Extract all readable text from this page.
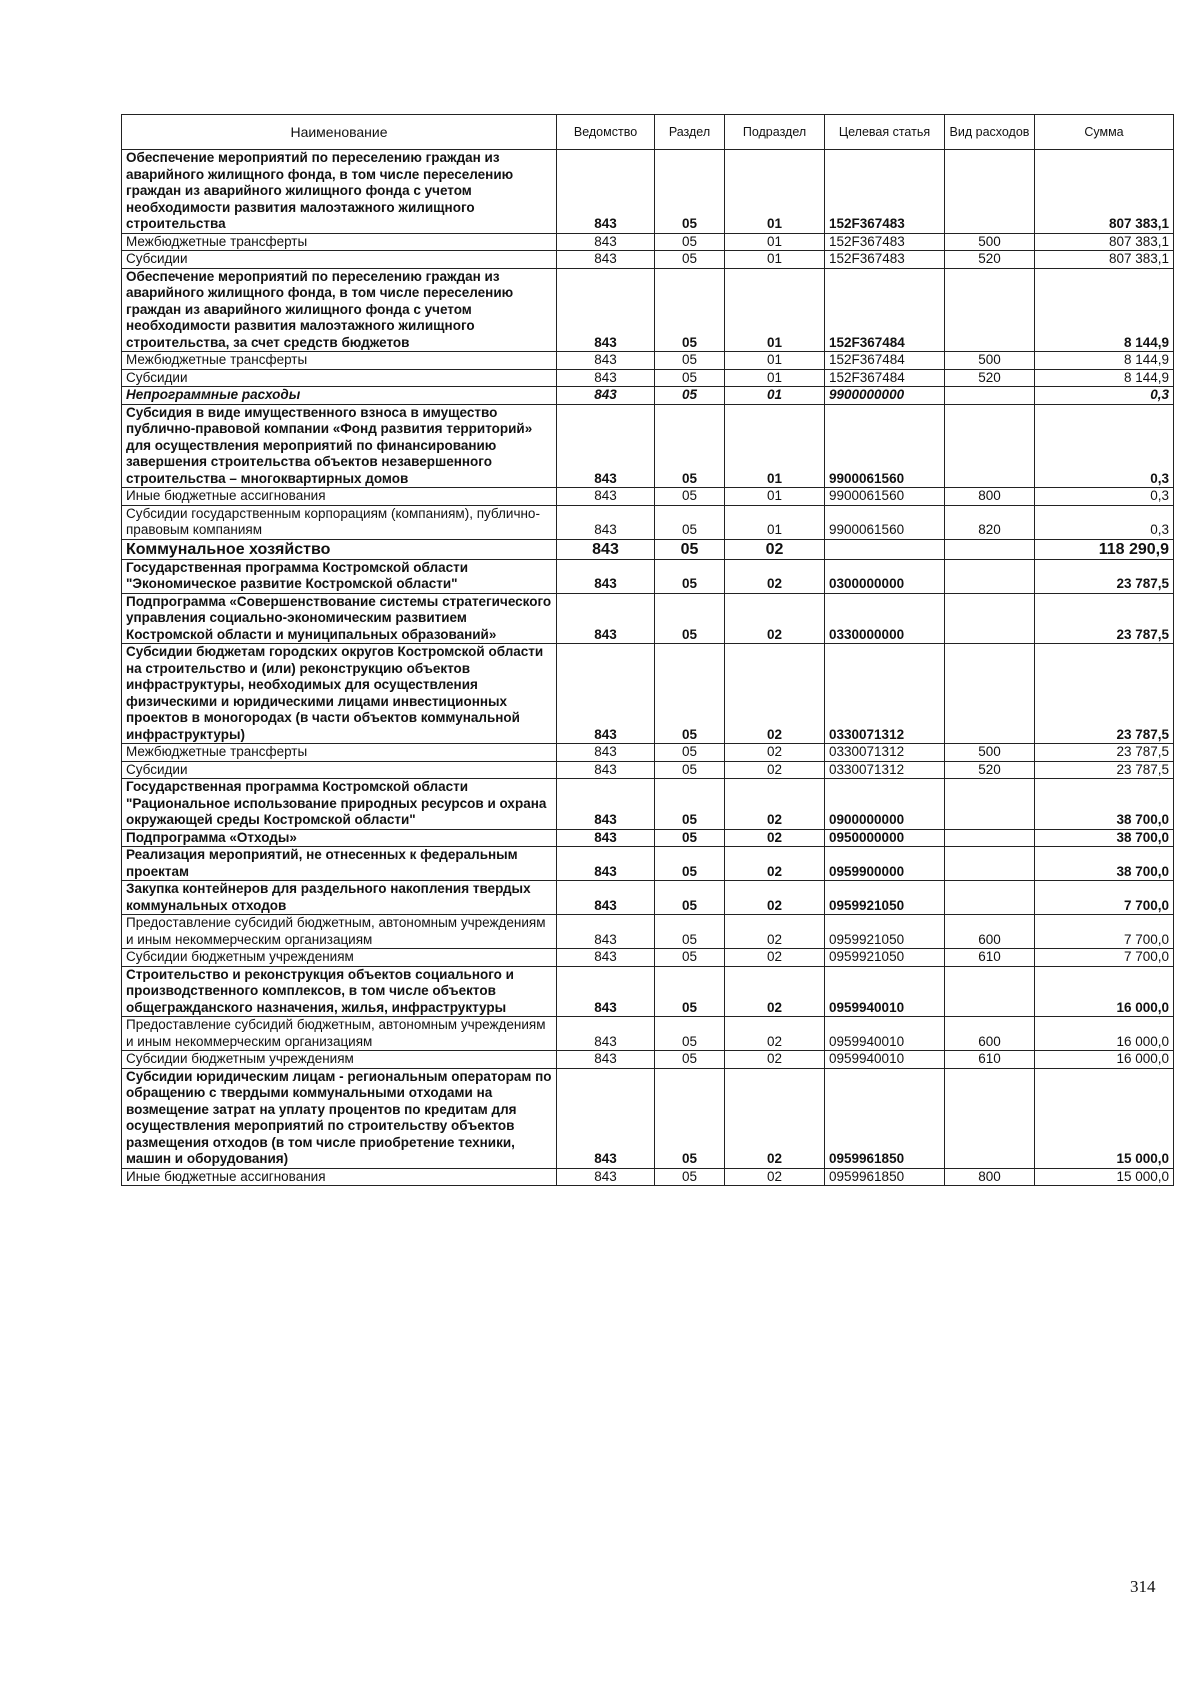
Наименование	Ведомство	Раздел	Подраздел	Целевая статья	Вид расходов	Сумма
Обеспечение мероприятий по переселению граждан из аварийного жилищного фонда, в том числе переселению граждан из аварийного жилищного фонда с учетом необходимости развития малоэтажного жилищного строительства	843	05	01	152F367483		807 383,1
Межбюджетные трансферты	843	05	01	152F367483	500	807 383,1
Субсидии	843	05	01	152F367483	520	807 383,1
Обеспечение мероприятий по переселению граждан из аварийного жилищного фонда, в том числе переселению граждан из аварийного жилищного фонда с учетом необходимости развития малоэтажного жилищного строительства, за счет средств бюджетов	843	05	01	152F367484		8 144,9
Межбюджетные трансферты	843	05	01	152F367484	500	8 144,9
Субсидии	843	05	01	152F367484	520	8 144,9
Непрограммные расходы	843	05	01	9900000000		0,3
Субсидия в виде имущественного взноса в имущество публично-правовой компании «Фонд развития территорий» для осуществления мероприятий по финансированию завершения строительства объектов незавершенного строительства – многоквартирных домов	843	05	01	9900061560		0,3
Иные бюджетные ассигнования	843	05	01	9900061560	800	0,3
Субсидии государственным корпорациям (компаниям), публично-правовым компаниям	843	05	01	9900061560	820	0,3
Коммунальное хозяйство	843	05	02			118 290,9
Государственная программа Костромской области "Экономическое развитие Костромской области"	843	05	02	0300000000		23 787,5
Подпрограмма «Совершенствование системы стратегического управления социально-экономическим развитием Костромской области и муниципальных образований»	843	05	02	0330000000		23 787,5
Субсидии бюджетам городских округов Костромской области на строительство и (или) реконструкцию объектов инфраструктуры, необходимых для осуществления физическими и юридическими лицами инвестиционных проектов в моногородах (в части объектов коммунальной инфраструктуры)	843	05	02	0330071312		23 787,5
Межбюджетные трансферты	843	05	02	0330071312	500	23 787,5
Субсидии	843	05	02	0330071312	520	23 787,5
Государственная программа Костромской области "Рациональное использование природных ресурсов и охрана окружающей среды Костромской области"	843	05	02	0900000000		38 700,0
Подпрограмма «Отходы»	843	05	02	0950000000		38 700,0
Реализация мероприятий, не отнесенных к федеральным проектам	843	05	02	0959900000		38 700,0
Закупка контейнеров для раздельного накопления твердых коммунальных отходов	843	05	02	0959921050		7 700,0
Предоставление субсидий бюджетным, автономным учреждениям и иным некоммерческим организациям	843	05	02	0959921050	600	7 700,0
Субсидии бюджетным учреждениям	843	05	02	0959921050	610	7 700,0
Строительство и реконструкция объектов социального и производственного комплексов, в том числе объектов общегражданского назначения, жилья, инфраструктуры	843	05	02	0959940010		16 000,0
Предоставление субсидий бюджетным, автономным учреждениям и иным некоммерческим организациям	843	05	02	0959940010	600	16 000,0
Субсидии бюджетным учреждениям	843	05	02	0959940010	610	16 000,0
Субсидии юридическим лицам - региональным операторам по обращению с твердыми коммунальными отходами на возмещение затрат на уплату процентов по кредитам для осуществления мероприятий по строительству объектов размещения отходов (в том числе приобретение техники, машин и оборудования)	843	05	02	0959961850		15 000,0
Иные бюджетные ассигнования	843	05	02	0959961850	800	15 000,0
314
